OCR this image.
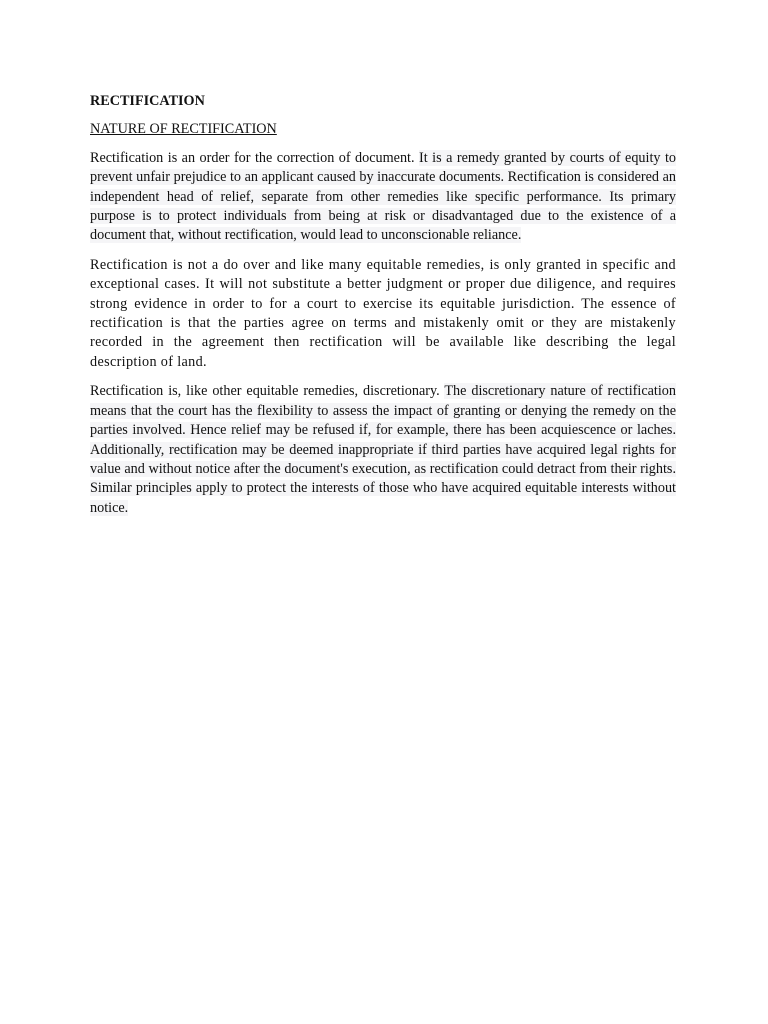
RECTIFICATION

NATURE OF RECTIFICATION

Rectification is an order for the correction of document. It is a remedy granted by courts of equity to prevent unfair prejudice to an applicant caused by inaccurate documents. Rectification is considered an independent head of relief, separate from other remedies like specific performance. Its primary purpose is to protect individuals from being at risk or disadvantaged due to the existence of a document that, without rectification, would lead to unconscionable reliance.

Rectification is not a do over and like many equitable remedies, is only granted in specific and exceptional cases. It will not substitute a better judgment or proper due diligence, and requires strong evidence in order to for a court to exercise its equitable jurisdiction. The essence of rectification is that the parties agree on terms and mistakenly omit or they are mistakenly recorded in the agreement then rectification will be available like describing the legal description of land.

Rectification is, like other equitable remedies, discretionary. The discretionary nature of rectification means that the court has the flexibility to assess the impact of granting or denying the remedy on the parties involved. Hence relief may be refused if, for example, there has been acquiescence or laches. Additionally, rectification may be deemed inappropriate if third parties have acquired legal rights for value and without notice after the document's execution, as rectification could detract from their rights. Similar principles apply to protect the interests of those who have acquired equitable interests without notice.
